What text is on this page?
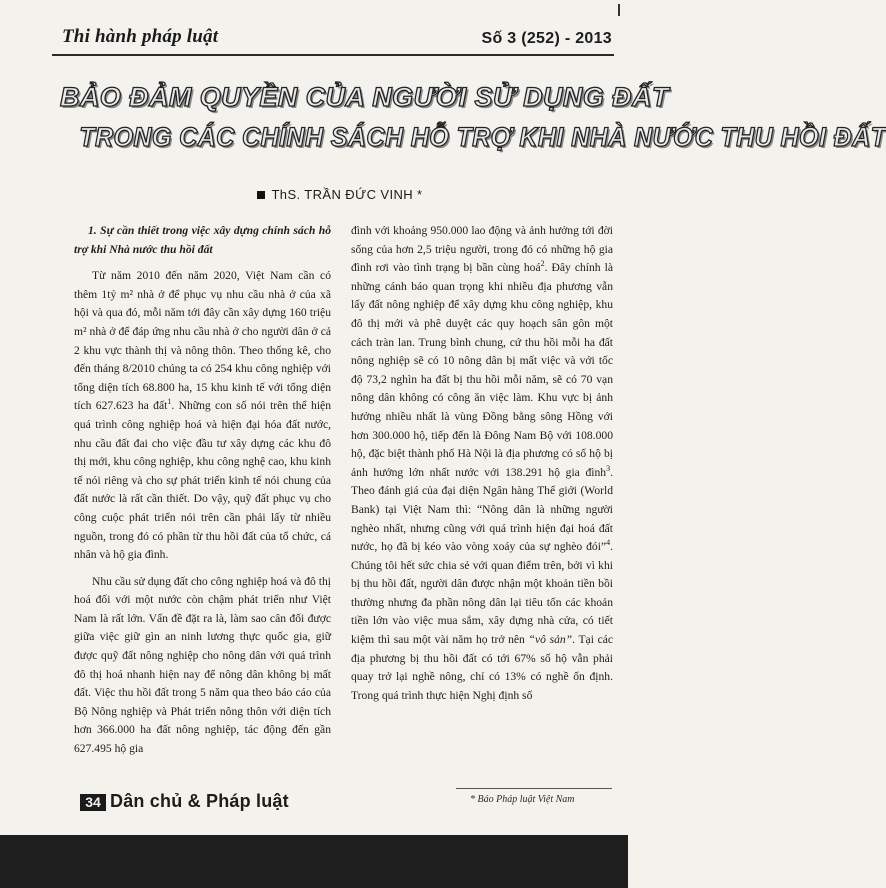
Thi hành pháp luật	Số 3 (252) - 2013
BẢO ĐẢM QUYỀN CỦA NGƯỜI SỬ DỤNG ĐẤT
TRONG CÁC CHÍNH SÁCH HỖ TRỢ KHI NHÀ NƯỚC THU HỒI ĐẤT
ThS. TRẦN ĐỨC VINH *

1. Sự cần thiết trong việc xây dựng chính sách hỗ trợ khi Nhà nước thu hồi đất

Từ năm 2010 đến năm 2020, Việt Nam cần có thêm 1tỷ m² nhà ở để phục vụ nhu cầu nhà ở của xã hội và qua đó, mỗi năm tới đây cần xây dựng 160 triệu m² nhà ở để đáp ứng nhu cầu nhà ở cho người dân ở cả 2 khu vực thành thị và nông thôn. Theo thống kê, cho đến tháng 8/2010 chúng ta có 254 khu công nghiệp với tổng diện tích 68.800 ha, 15 khu kinh tế với tổng diện tích 627.623 ha đất$^1$. Những con số nói trên thể hiện quá trình công nghiệp hoá và hiện đại hóa đất nước, nhu cầu đất đai cho việc đầu tư xây dựng các khu đô thị mới, khu công nghiệp, khu công nghệ cao, khu kinh tế nói riêng và cho sự phát triển kinh tế nói chung của đất nước là rất cần thiết. Do vậy, quỹ đất phục vụ cho công cuộc phát triển nói trên cần phải lấy từ nhiều nguồn, trong đó có phần từ thu hồi đất của tổ chức, cá nhân và hộ gia đình.

Nhu cầu sử dụng đất cho công nghiệp hoá và đô thị hoá đối với một nước còn chậm phát triển như Việt Nam là rất lớn. Vấn đề đặt ra là, làm sao cân đối được giữa việc giữ gìn an ninh lương thực quốc gia, giữ được quỹ đất nông nghiệp cho nông dân với quá trình đô thị hoá nhanh hiện nay để nông dân không bị mất đất. Việc thu hồi đất trong 5 năm qua theo báo cáo của Bộ Nông nghiệp và Phát triển nông thôn với diện tích hơn 366.000 ha đất nông nghiệp, tác động đến gần 627.495 hộ gia

đình với khoảng 950.000 lao động và ảnh hưởng tới đời sống của hơn 2,5 triệu người, trong đó có những hộ gia đình rơi vào tình trạng bị bần cùng hoá$^2$. Đây chính là những cánh báo quan trọng khi nhiều địa phương vẫn lấy đất nông nghiệp để xây dựng khu công nghiệp, khu đô thị mới và phê duyệt các quy hoạch sân gôn một cách tràn lan. Trung bình chung, cứ thu hồi mỗi ha đất nông nghiệp sẽ có 10 nông dân bị mất việc và với tốc độ 73,2 nghìn ha đất bị thu hồi mỗi năm, sẽ có 70 vạn nông dân không có công ăn việc làm. Khu vực bị ảnh hưởng nhiều nhất là vùng Đồng bằng sông Hồng với hơn 300.000 hộ, tiếp đến là Đông Nam Bộ với 108.000 hộ, đặc biệt thành phố Hà Nội là địa phương có số hộ bị ảnh hưởng lớn nhất nước với 138.291 hộ gia đình$^3$. Theo đánh giá của đại diện Ngân hàng Thế giới (World Bank) tại Việt Nam thì: “Nông dân là những người nghèo nhất, nhưng cũng với quá trình hiện đại hoá đất nước, họ đã bị kéo vào vòng xoáy của sự nghèo đói”$^4$. Chúng tôi hết sức chia sẻ với quan điểm trên, bởi vì khi bị thu hồi đất, người dân được nhận một khoản tiền bồi thường nhưng đa phần nông dân lại tiêu tốn các khoản tiền lớn vào việc mua sắm, xây dựng nhà cửa, có tiết kiệm thì sau một vài năm họ trở nên “vô sản”. Tại các địa phương bị thu hồi đất có tới 67% số hộ vẫn phải quay trở lại nghề nông, chỉ có 13% có nghề ổn định. Trong quá trình thực hiện Nghị định số

34 Dân chủ & Pháp luật	* Báo Pháp luật Việt Nam
